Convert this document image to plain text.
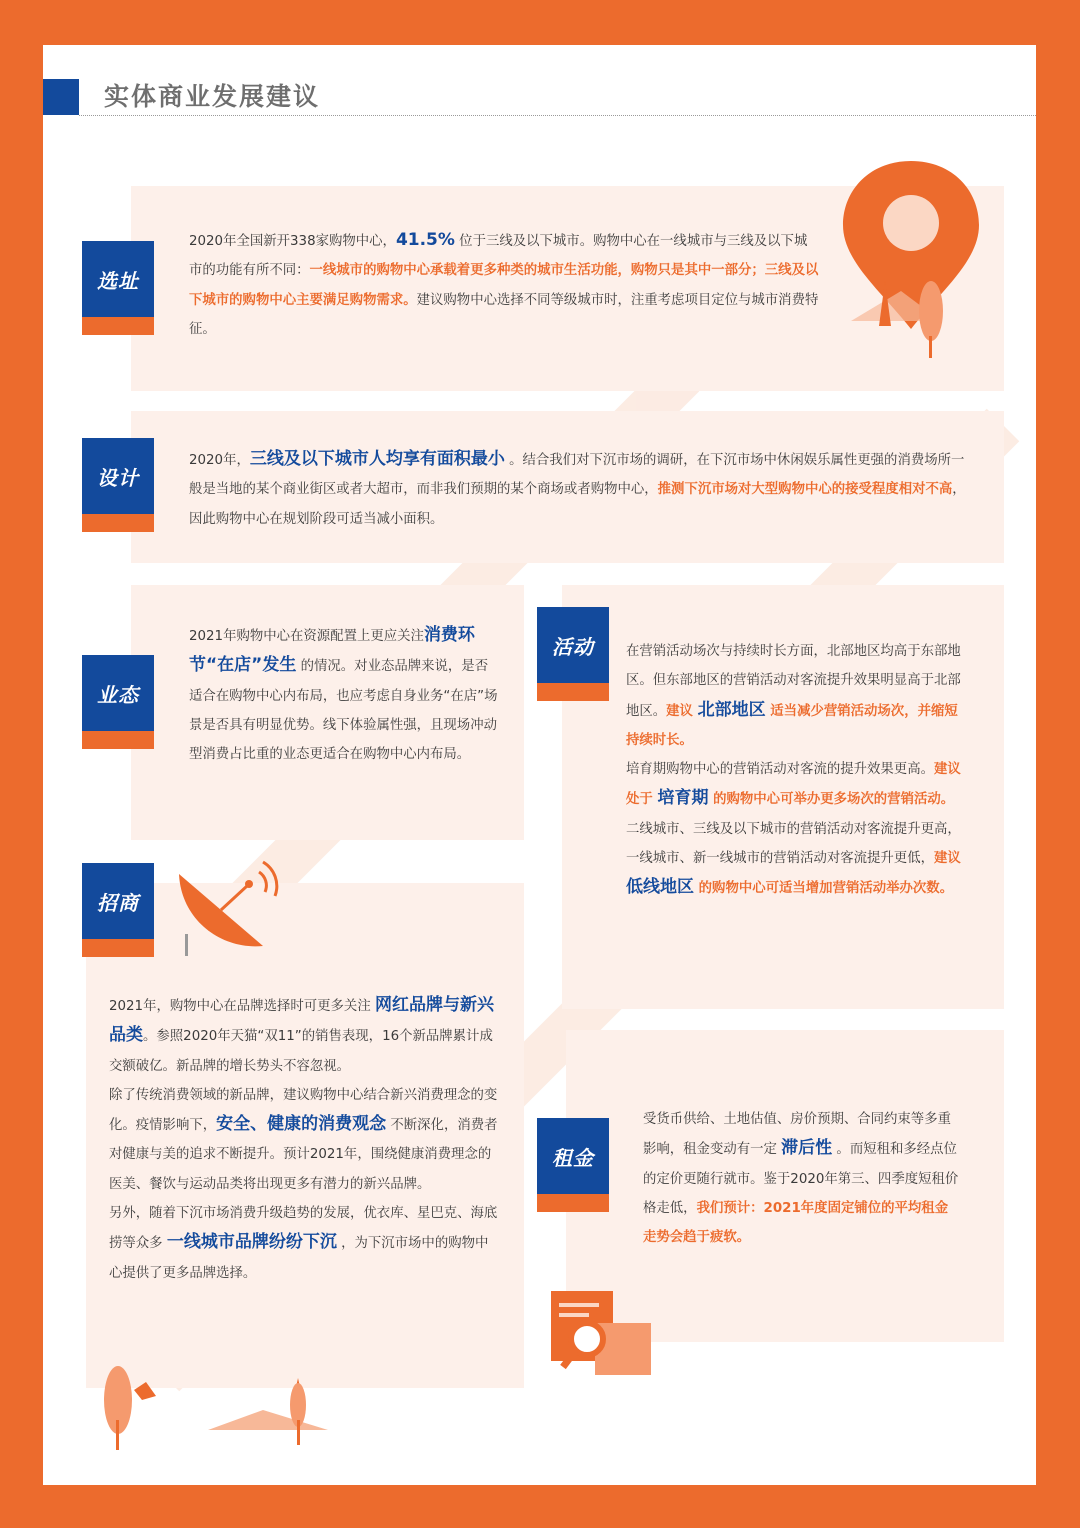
实体商业发展建议
选址
2020年全国新开338家购物中心，41.5% 位于三线及以下城市。购物中心在一线城市与三线及以下城市的功能有所不同：一线城市的购物中心承载着更多种类的城市生活功能，购物只是其中一部分；三线及以下城市的购物中心主要满足购物需求。建议购物中心选择不同等级城市时，注重考虑项目定位与城市消费特征。
设计
2020年，三线及以下城市人均享有面积最小 。结合我们对下沉市场的调研，在下沉市场中休闲娱乐属性更强的消费场所一般是当地的某个商业街区或者大超市，而非我们预期的某个商场或者购物中心，推测下沉市场对大型购物中心的接受程度相对不高，因此购物中心在规划阶段可适当减小面积。
业态
2021年购物中心在资源配置上更应关注消费环节“在店”发生 的情况。对业态品牌来说，是否适合在购物中心内布局，也应考虑自身业务“在店”场景是否具有明显优势。线下体验属性强，且现场冲动型消费占比重的业态更适合在购物中心内布局。
活动	在营销活动场次与持续时长方面，北部地区均高于东部地区。但东部地区的营销活动对客流提升效果明显高于北部地区。建议 北部地区 适当减少营销活动场次，并缩短持续时长。

培育期购物中心的营销活动对客流的提升效果更高。建议处于 培育期 的购物中心可举办更多场次的营销活动。

二线城市、三线及以下城市的营销活动对客流提升更高，一线城市、新一线城市的营销活动对客流提升更低，建议 低线地区 的购物中心可适当增加营销活动举办次数。

招商

2021年，购物中心在品牌选择时可更多关注 网红品牌与新兴品类。参照2020年天猫“双11”的销售表现，16个新品牌累计成交额破亿。新品牌的增长势头不容忽视。

除了传统消费领域的新品牌，建议购物中心结合新兴消费理念的变化。疫情影响下，安全、健康的消费观念 不断深化，消费者对健康与美的追求不断提升。预计2021年，围绕健康消费理念的医美、餐饮与运动品类将出现更多有潜力的新兴品牌。

另外，随着下沉市场消费升级趋势的发展，优衣库、星巴克、海底捞等众多 一线城市品牌纷纷下沉 ，为下沉市场中的购物中心提供了更多品牌选择。

租金
受货币供给、土地估值、房价预期、合同约束等多重影响，租金变动有一定 滞后性 。而短租和多经点位的定价更随行就市。鉴于2020年第三、四季度短租价格走低，我们预计：2021年度固定铺位的平均租金走势会趋于疲软。
